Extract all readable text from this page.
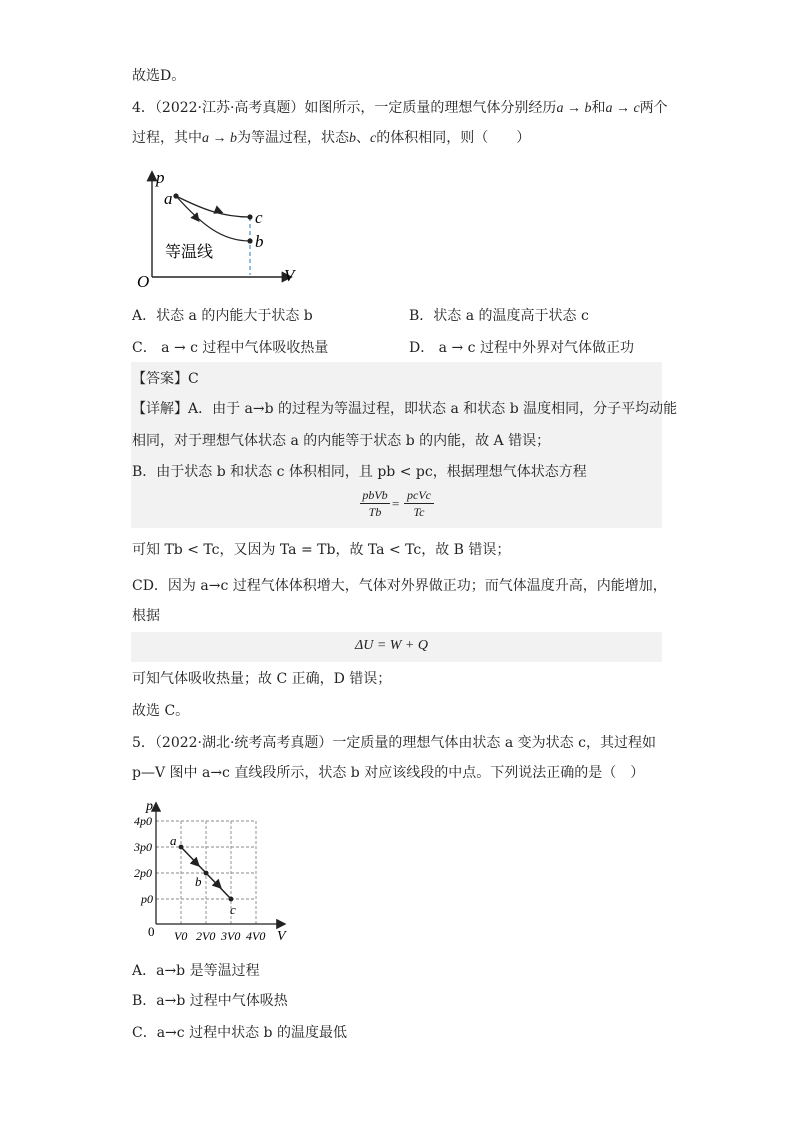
故选D。
4．（2022·江苏·高考真题）如图所示，一定质量的理想气体分别经历a → b和a → c两个
过程，其中a → b为等温过程，状态b、c的体积相同，则（　　）
p
V
O
a
c
b
等温线
A．状态 a 的内能大于状态 b	B．状态 a 的温度高于状态 c
C． a → c 过程中气体吸收热量	D． a → c 过程中外界对气体做正功
【答案】C
【详解】A．由于 a→b 的过程为等温过程，即状态 a 和状态 b 温度相同，分子平均动能
相同，对于理想气体状态 a 的内能等于状态 b 的内能，故 A 错误；
B．由于状态 b 和状态 c 体积相同，且 pb < pc，根据理想气体状态方程
pbVb
Tb
=
pcVc
Tc
可知 Tb < Tc，又因为 Ta = Tb，故 Ta < Tc，故 B 错误；
CD．因为 a→c 过程气体体积增大，气体对外界做正功；而气体温度升高，内能增加，
根据
ΔU = W + Q
可知气体吸收热量；故 C 正确，D 错误；
故选 C。
5．（2022·湖北·统考高考真题）一定质量的理想气体由状态 a 变为状态 c，其过程如
p—V 图中 a→c 直线段所示，状态 b 对应该线段的中点。下列说法正确的是（　）
p
V
0
4p0
3p0
2p0
p0
V0 2V0 3V0 4V0
a
b
c
A．a→b 是等温过程
B．a→b 过程中气体吸热
C．a→c 过程中状态 b 的温度最低
